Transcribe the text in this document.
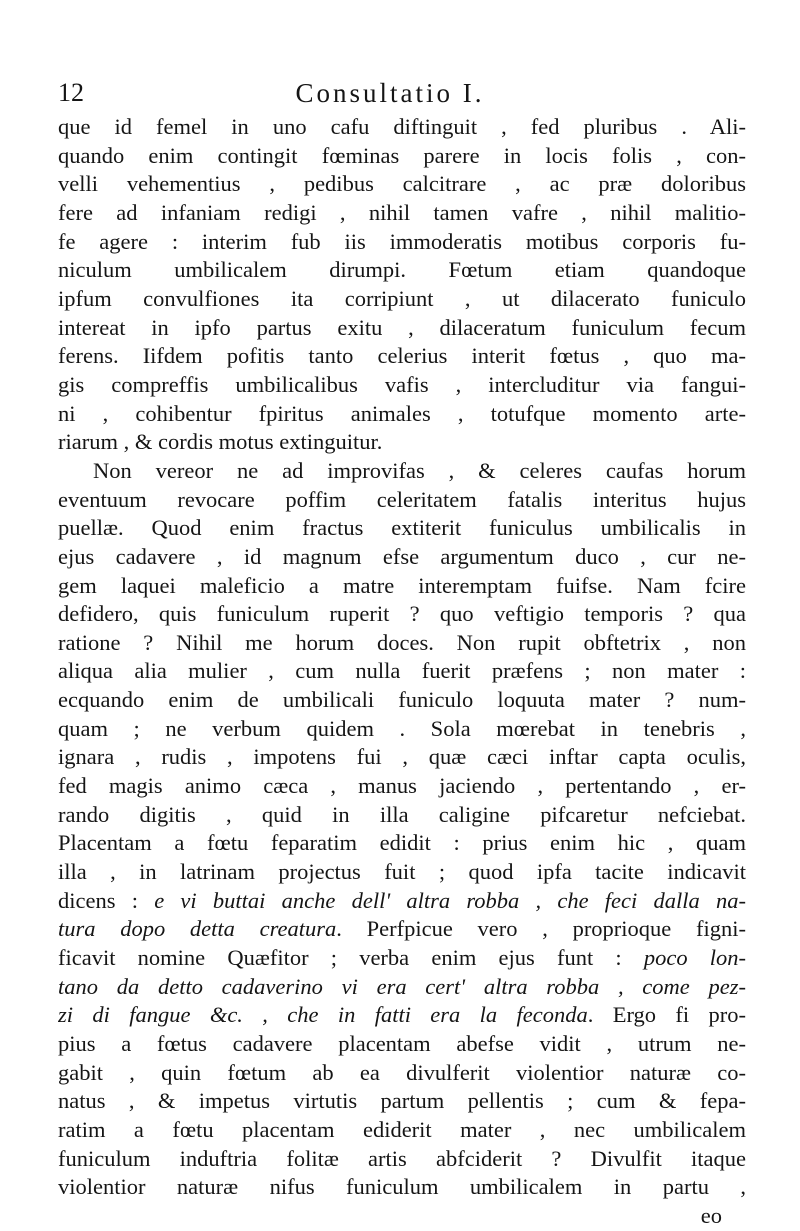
12	Consultatio I.
que id femel in uno cafu diftinguit , fed pluribus . Ali-
quando enim contingit fœminas parere in locis folis , con-
velli vehementius , pedibus calcitrare , ac præ doloribus
fere ad infaniam redigi , nihil tamen vafre , nihil malitio-
fe agere : interim fub iis immoderatis motibus corporis fu-
niculum umbilicalem dirumpi. Fœtum etiam quandoque
ipfum convulfiones ita corripiunt , ut dilacerato funiculo
intereat in ipfo partus exitu , dilaceratum funiculum fecum
ferens. Iifdem pofitis tanto celerius interit fœtus , quo ma-
gis compreffis umbilicalibus vafis , intercluditur via fangui-
ni , cohibentur fpiritus animales , totufque momento arte-
riarum , & cordis motus extinguitur.
Non vereor ne ad improvifas , & celeres caufas horum
eventuum revocare poffim celeritatem fatalis interitus hujus
puellæ. Quod enim fractus extiterit funiculus umbilicalis in
ejus cadavere , id magnum efse argumentum duco , cur ne-
gem laquei maleficio a matre interemptam fuifse. Nam fcire
defidero, quis funiculum ruperit ? quo veftigio temporis ? qua
ratione ? Nihil me horum doces. Non rupit obftetrix , non
aliqua alia mulier , cum nulla fuerit præfens ; non mater :
ecquando enim de umbilicali funiculo loquuta mater ? num-
quam ; ne verbum quidem . Sola mœrebat in tenebris ,
ignara , rudis , impotens fui , quæ cæci inftar capta oculis,
fed magis animo cæca , manus jaciendo , pertentando , er-
rando digitis , quid in illa caligine pifcaretur nefciebat.
Placentam a fœtu feparatim edidit : prius enim hic , quam
illa , in latrinam projectus fuit ; quod ipfa tacite indicavit
dicens : e vi buttai anche dell' altra robba , che feci dalla na-
tura dopo detta creatura. Perfpicue vero , proprioque figni-
ficavit nomine Quæfitor ; verba enim ejus funt : poco lon-
tano da detto cadaverino vi era cert' altra robba , come pez-
zi di fangue &c. , che in fatti era la feconda. Ergo fi pro-
pius a fœtus cadavere placentam abefse vidit , utrum ne-
gabit , quin fœtum ab ea divulferit violentior naturæ co-
natus , & impetus virtutis partum pellentis ; cum & fepa-
ratim a fœtu placentam ediderit mater , nec umbilicalem
funiculum induftria folitæ artis abfciderit ? Divulfit itaque
violentior naturæ nifus funiculum umbilicalem in partu ,
eo
